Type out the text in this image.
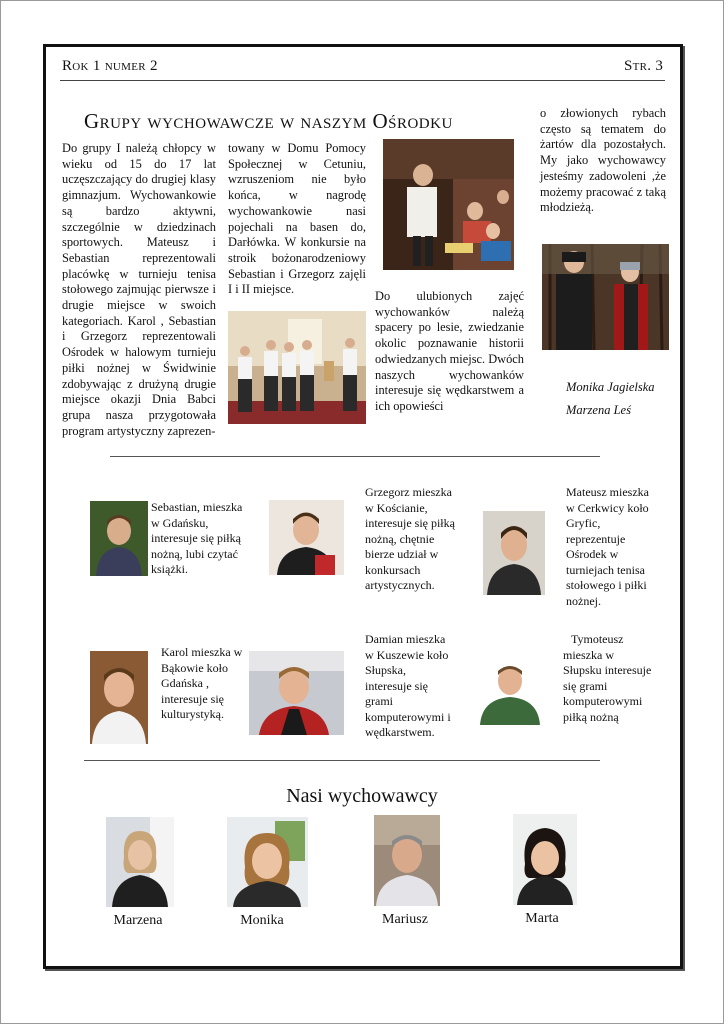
Rok 1 numer 2	Str. 3
Grupy wychowawcze w naszym Ośrodku

Do grupy I należą chłopcy w wieku od 15 do 17 lat uczęszczający do drugiej klasy gimnazjum. Wychowankowie są bardzo aktywni, szczególnie w dziedzinach sportowych. Mateusz i Sebastian reprezentowali placówkę w turnieju tenisa stołowego zajmując pierwsze i drugie miejsce w swoich kategoriach. Karol , Sebastian i Grzegorz reprezentowali Ośrodek w halowym turnieju piłki nożnej w Świdwinie zdobywając z drużyną drugie miejsce okazji Dnia Babci grupa nasza przygotowała program artystyczny zaprezen-

towany w Domu Pomocy Społecznej w Cetuniu, wzruszeniom nie było końca, w nagrodę wychowankowie nasi pojechali na basen do, Darłówka. W konkursie na stroik bożonarodzeniowy Sebastian i Grzegorz zajęli I i II miejsce.	Do ulubionych zajęć wychowanków należą spacery po lesie, zwiedzanie okolic poznawanie historii odwiedzanych miejsc. Dwóch naszych wychowanków interesuje się wędkarstwem a ich opowieści

o złowionych rybach często są tematem do żartów dla pozostałych. My jako wychowawcy jesteśmy zadowoleni ,że możemy pracować z taką młodzieżą.

Monika Jagielska
Marzena Leś
Sebastian, mieszka w Gdańsku, interesuje się piłką nożną, lubi czytać książki.
Grzegorz mieszka w Kościanie, interesuje się piłką nożną, chętnie bierze udział w konkursach artystycznych.
Mateusz mieszka w Cerkwicy koło Gryfic, reprezentuje Ośrodek w turniejach tenisa stołowego i piłki nożnej.
Karol mieszka w Bąkowie koło Gdańska , interesuje się kulturystyką.
Damian mieszka w Kuszewie koło Słupska, interesuje się grami komputerowymi i wędkarstwem.
Tymoteusz mieszka w Słupsku interesuje się grami komputerowymi piłką nożną
Nasi wychowawcy
Marzena	Monika	Mariusz	Marta
